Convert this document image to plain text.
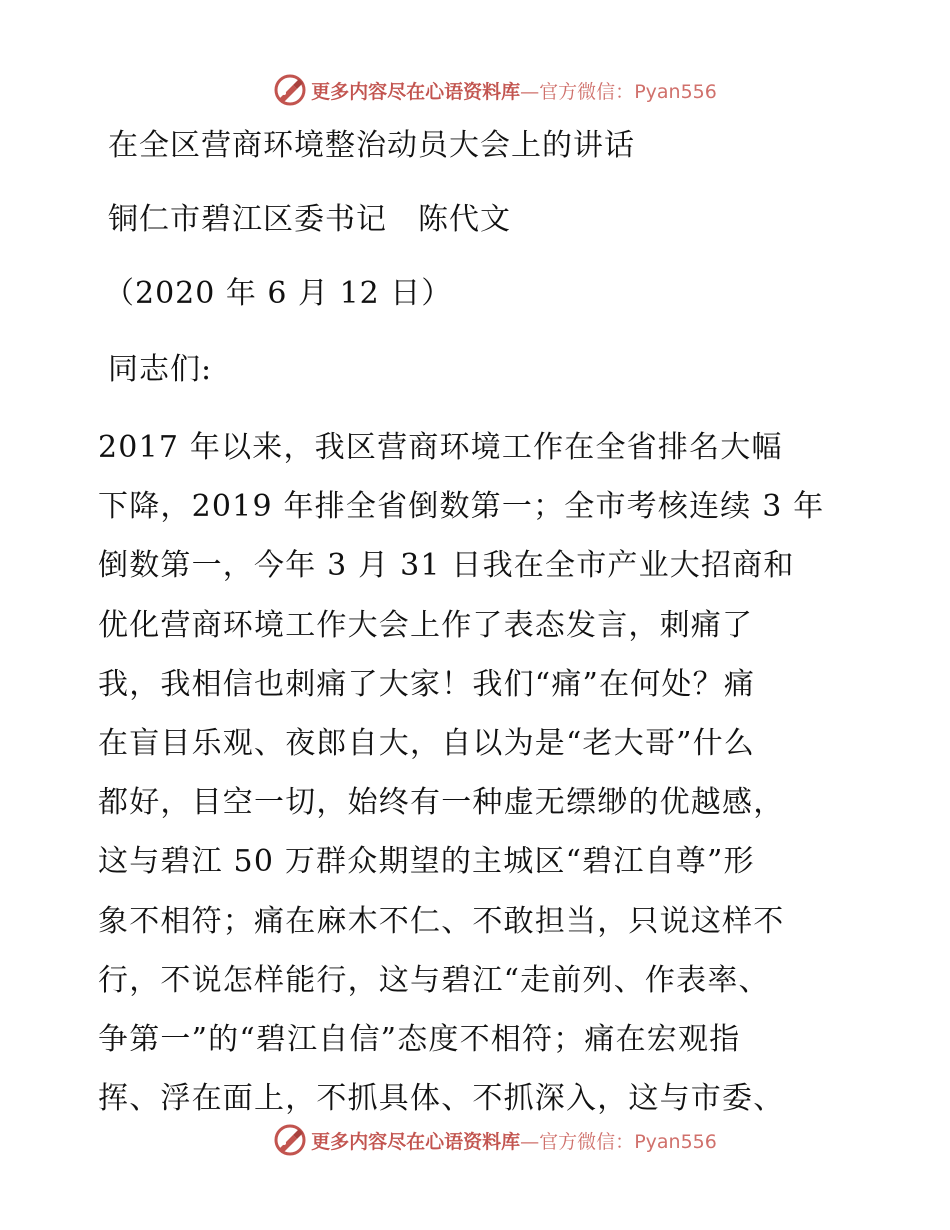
更多内容尽在心语资料库—官方微信：Pyan556
在全区营商环境整治动员大会上的讲话
铜仁市碧江区委书记　陈代文
（2020 年 6 月 12 日）
同志们:
2017 年以来，我区营商环境工作在全省排名大幅
下降，2019 年排全省倒数第一；全市考核连续 3 年
倒数第一，今年 3 月 31 日我在全市产业大招商和
优化营商环境工作大会上作了表态发言，刺痛了
我，我相信也刺痛了大家！我们“痛”在何处？痛
在盲目乐观、夜郎自大，自以为是“老大哥”什么
都好，目空一切，始终有一种虚无缥缈的优越感，
这与碧江 50 万群众期望的主城区“碧江自尊”形
象不相符；痛在麻木不仁、不敢担当，只说这样不
行，不说怎样能行，这与碧江“走前列、作表率、
争第一”的“碧江自信”态度不相符；痛在宏观指
挥、浮在面上，不抓具体、不抓深入，这与市委、
更多内容尽在心语资料库—官方微信：Pyan556
